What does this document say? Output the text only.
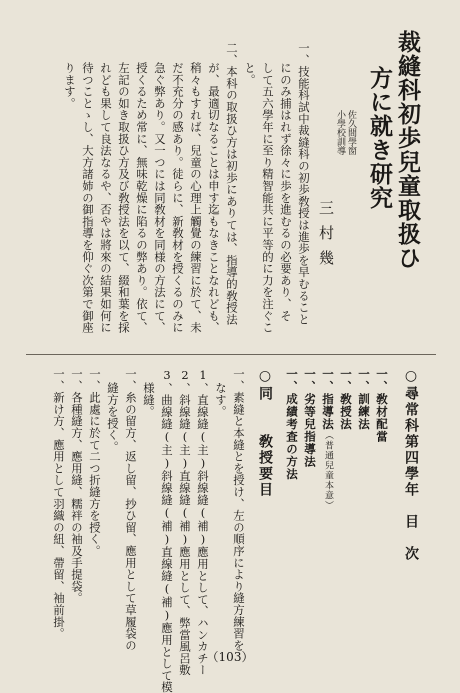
裁縫科初歩兒童取扱ひ
方に就き研究
佐久間學窗
小學校訓導
三村幾
一、技能科試中裁縫科の初歩敎授は進歩を早むること
にのみ捕はれず徐々に歩を進むるの必要あり、そ
して五六學年に至り精智能共に平等的に力を注ぐこ
と。
二、本科の取扱ひ方は初歩にありては、指導的敎授法
が、最適切なることは申す迄もなきことなれども、
稍々もすれば、兒童の心理上觸覺の練習に於て、未
だ不充分の感あり。徒らに、新敎材を授くるのみに
急ぐ弊あり。又一つには同敎材を同様の方法にて、
授くるため常に、無味乾燥に陷るの弊あり。依て、
左記の如き取扱ひ方及び敎授法を以て、綴和葉を採
れども果して良法なるや、否やは將來の結果如何に
待つことゝし、大方諸姉の御指導を仰ぐ次第で御座
ります。
○尋常科第四學年　目　次
一、敎材配當
一、訓練法
一、敎授法
一、指導法（普通兒童本意）
一、劣等兒指導法
一、成績考査の方法
○同　　敎授要目
一、素縫と本縫とを授け、左の順序により縫方練習を
なす。
1、直線縫(主)斜線縫(補)應用として、ハンカチー
2、斜線縫(主)直線縫(補)應用として、弊當風呂敷
3、曲線縫(主)斜線縫(補)直線縫(補)應用として模
様縫。
一、糸の留方、返し留、抄ひ留、應用として草履袋の
縫方を授く。
一、此處に於て二つ折縫方を授く。
一、各種縫方、應用縫、糯袢の袖及手提袋。
一、新け方、應用として羽織の紐、帶留、袖前掛。
（103）
